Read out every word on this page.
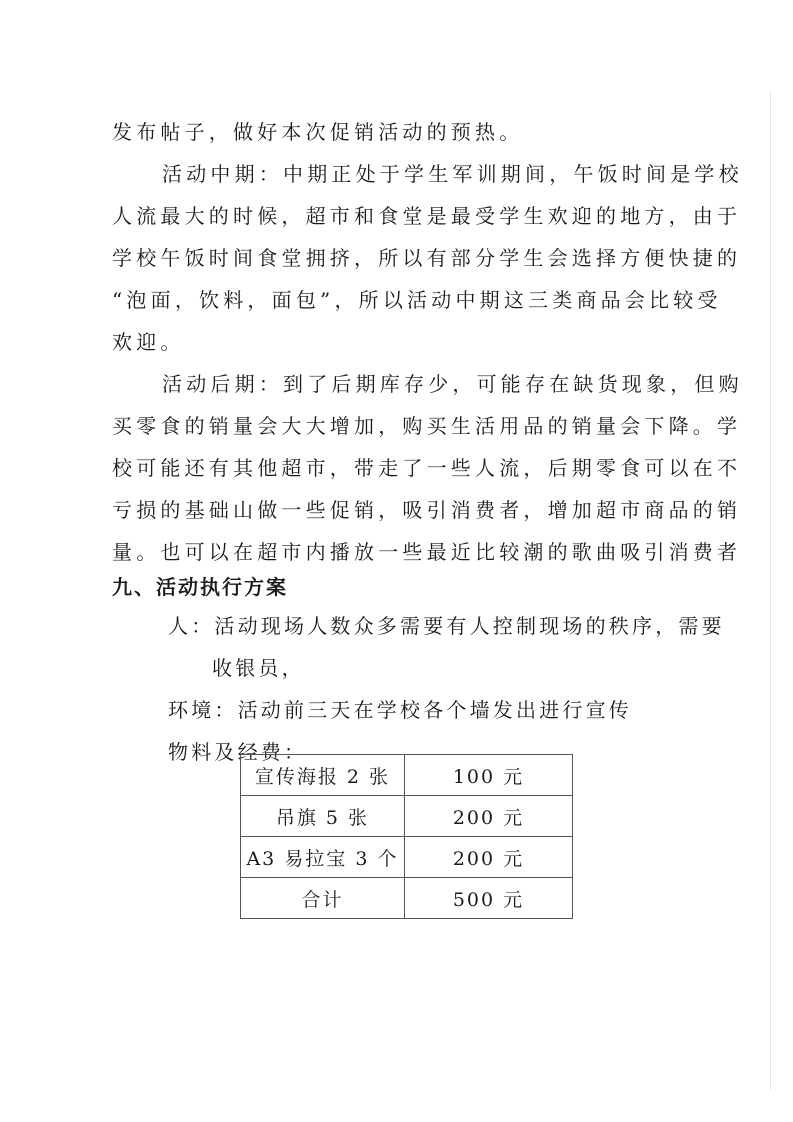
发布帖子，做好本次促销活动的预热。
活动中期：中期正处于学生军训期间，午饭时间是学校
人流最大的时候，超市和食堂是最受学生欢迎的地方，由于
学校午饭时间食堂拥挤，所以有部分学生会选择方便快捷的
“泡面，饮料，面包”，所以活动中期这三类商品会比较受
欢迎。
活动后期：到了后期库存少，可能存在缺货现象，但购
买零食的销量会大大增加，购买生活用品的销量会下降。学
校可能还有其他超市，带走了一些人流，后期零食可以在不
亏损的基础山做一些促销，吸引消费者，增加超市商品的销
量。也可以在超市内播放一些最近比较潮的歌曲吸引消费者
九、活动执行方案
人：活动现场人数众多需要有人控制现场的秩序，需要
收银员，
环境：活动前三天在学校各个墙发出进行宣传
物料及经费：
宣传海报 2 张	100 元
吊旗 5 张	200 元
A3 易拉宝 3 个	200 元
合计	500 元
